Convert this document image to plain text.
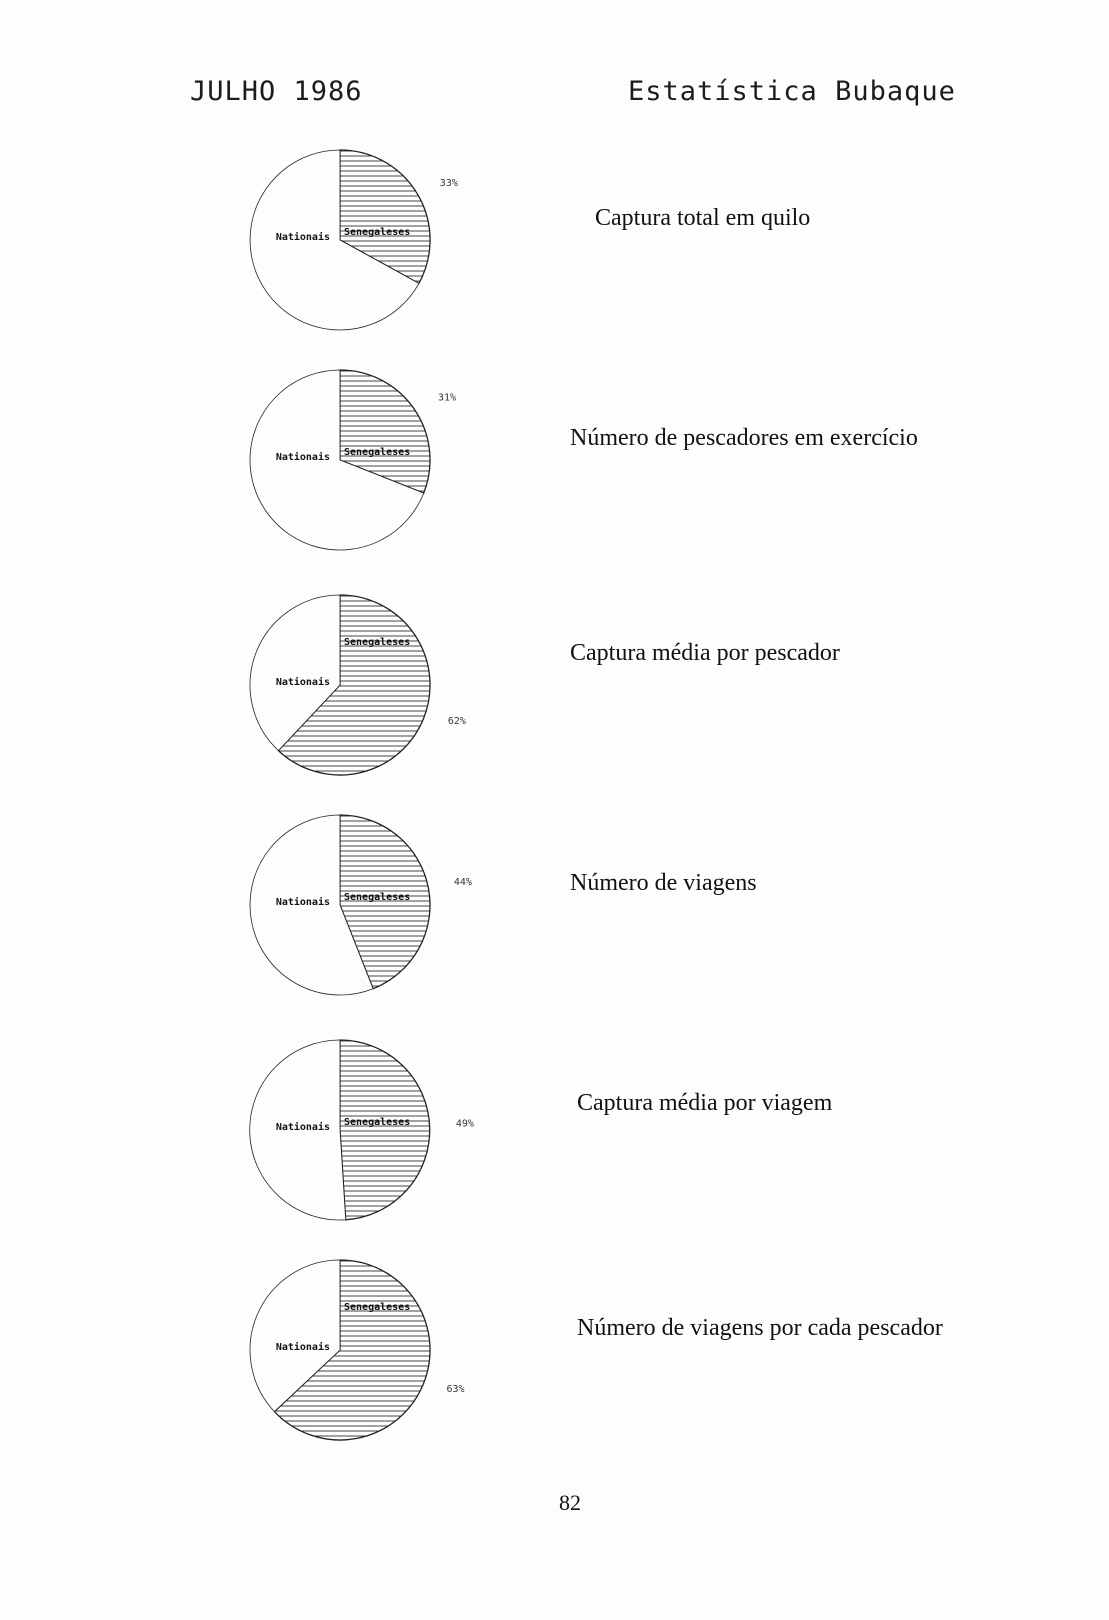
JULHO 1986	Estatística Bubaque
33%
Senegaleses
Nationais
Captura total em quilo
31%
Senegaleses
Nationais
Número de pescadores em exercício
62%
Senegaleses
Nationais
Captura média por pescador
44%
Senegaleses
Nationais
Número de viagens
49%
Senegaleses
Nationais
Captura média por viagem
63%
Senegaleses
Nationais
Número de viagens por cada pescador
82
